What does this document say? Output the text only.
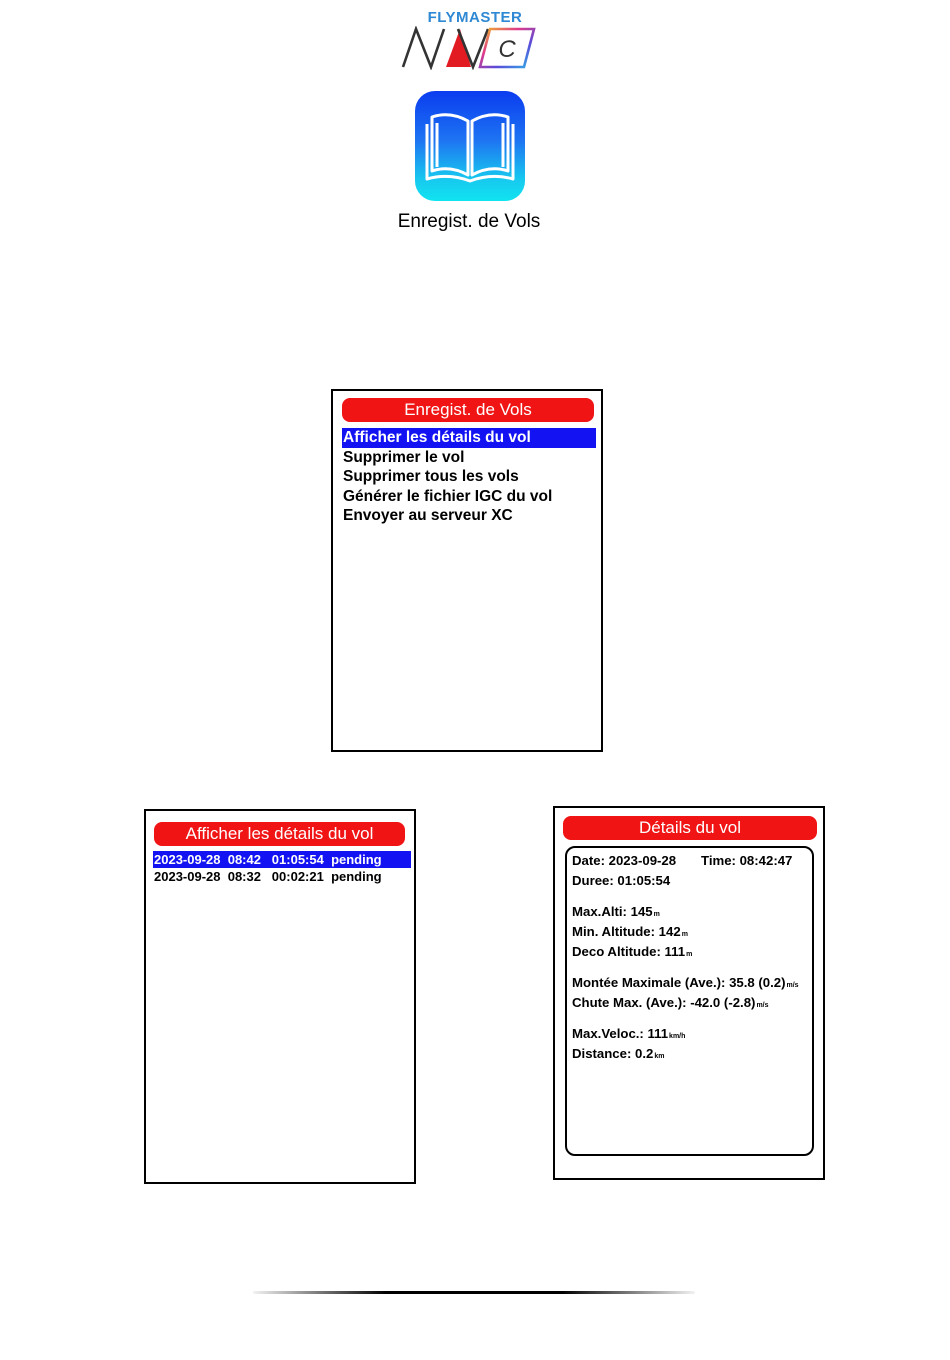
FLYMASTER
C
Enregist. de Vols
Enregist. de Vols
Afficher les détails du vol
Supprimer le vol
Supprimer tous les vols
Générer le fichier IGC du vol
Envoyer au serveur XC
Afficher les détails du vol
2023-09-28  08:42   01:05:54  pending
2023-09-28  08:32   00:02:21  pending
Détails du vol
Date: 2023-09-28 Time: 08:42:47
Duree: 01:05:54
Max.Alti: 145m
Min. Altitude: 142m
Deco Altitude: 111m
Montée Maximale (Ave.): 35.8 (0.2)m/s
Chute Max. (Ave.): -42.0 (-2.8)m/s
Max.Veloc.: 111km/h
Distance: 0.2km
